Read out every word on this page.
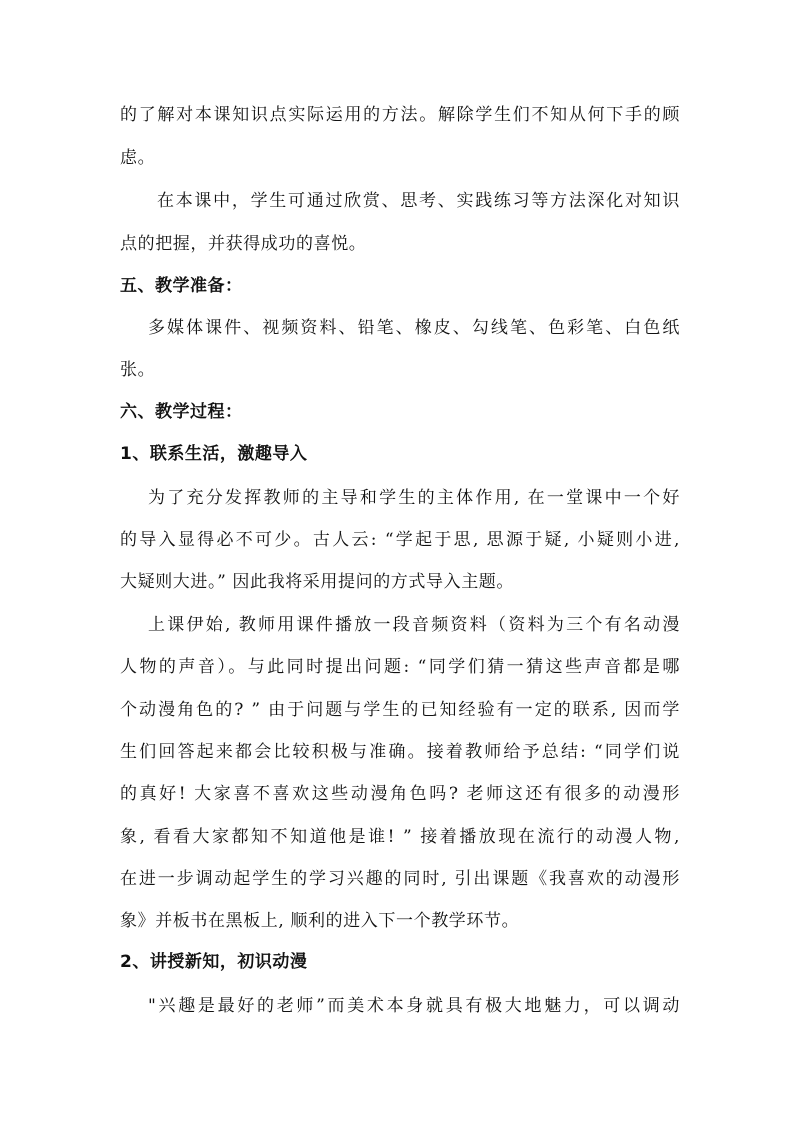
的了解对本课知识点实际运用的方法。解除学生们不知从何下手的顾
虑。
在本课中，学生可通过欣赏、思考、实践练习等方法深化对知识
点的把握，并获得成功的喜悦。
五、教学准备：
多媒体课件、视频资料、铅笔、橡皮、勾线笔、色彩笔、白色纸
张。
六、教学过程：
1、联系生活，激趣导入
为了充分发挥教师的主导和学生的主体作用, 在一堂课中一个好
的导入显得必不可少。古人云: “学起于思, 思源于疑, 小疑则小进,
大疑则大进。” 因此我将采用提问的方式导入主题。
上课伊始, 教师用课件播放一段音频资料（资料为三个有名动漫
人物的声音）。与此同时提出问题: “同学们猜一猜这些声音都是哪
个动漫角色的? ” 由于问题与学生的已知经验有一定的联系, 因而学
生们回答起来都会比较积极与准确。接着教师给予总结: “同学们说
的真好! 大家喜不喜欢这些动漫角色吗? 老师这还有很多的动漫形
象, 看看大家都知不知道他是谁! ” 接着播放现在流行的动漫人物,
在进一步调动起学生的学习兴趣的同时, 引出课题《我喜欢的动漫形
象》并板书在黑板上, 顺利的进入下一个教学环节。
2、讲授新知，初识动漫
"兴趣是最好的老师”而美术本身就具有极大地魅力，可以调动
